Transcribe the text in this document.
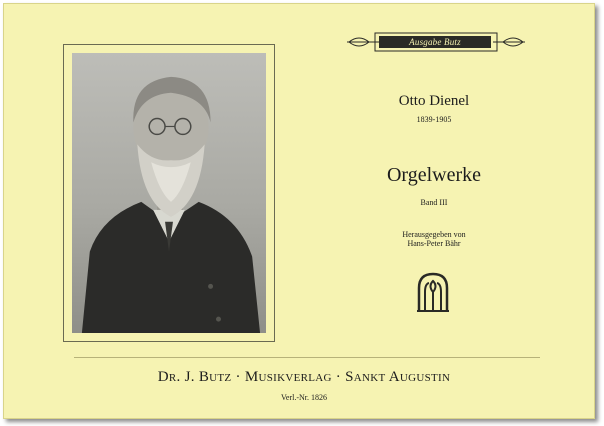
Ausgabe Butz
Otto Dienel
1839-1905
Orgelwerke
Band III
Herausgegeben von
Hans-Peter Bähr
Dr. J. Butz · Musikverlag · Sankt Augustin
Verl.-Nr. 1826
